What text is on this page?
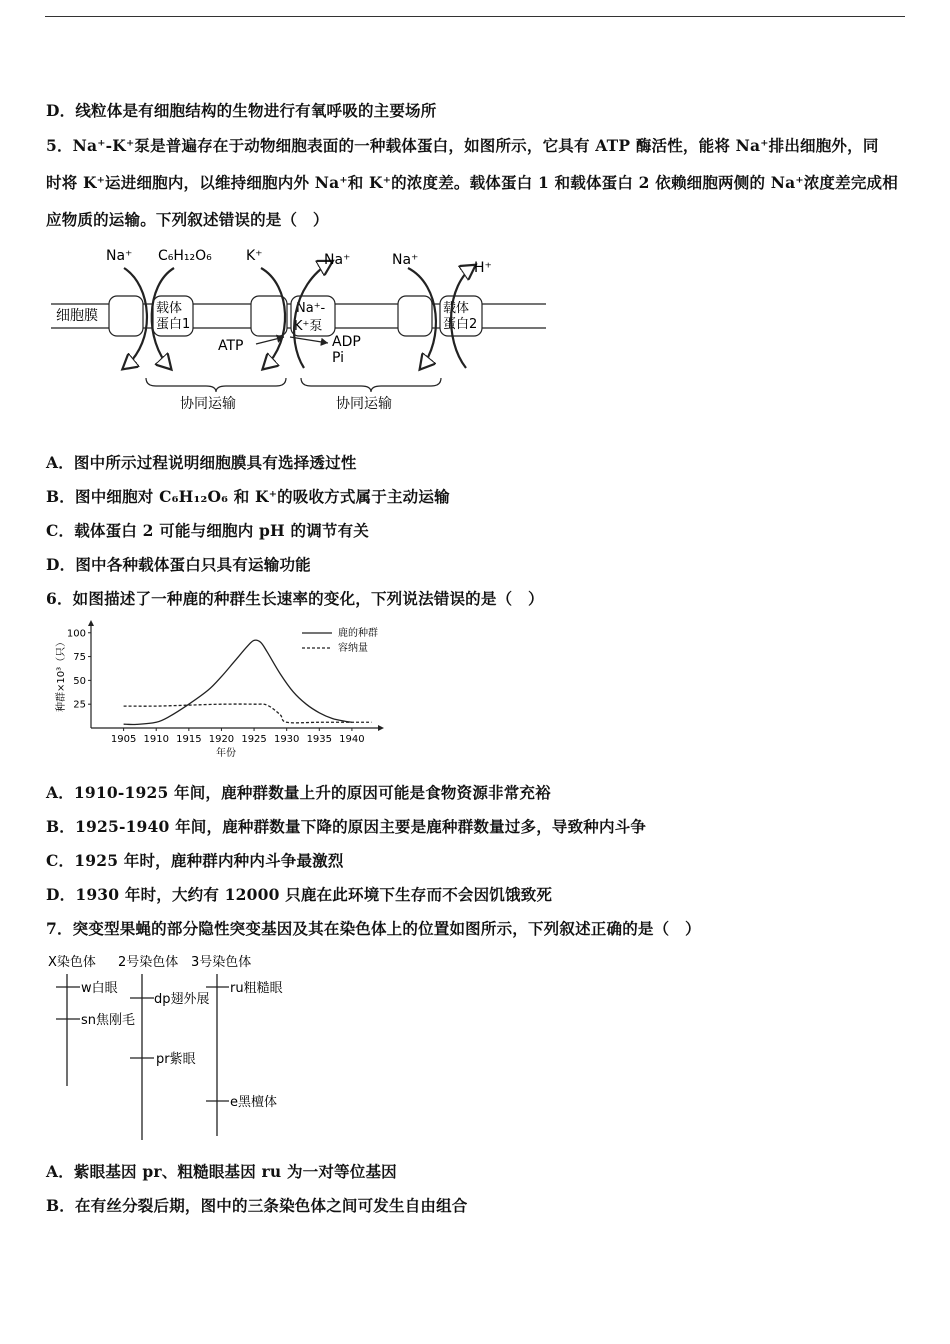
D．线粒体是有细胞结构的生物进行有氧呼吸的主要场所
5．Na⁺-K⁺泵是普遍存在于动物细胞表面的一种载体蛋白，如图所示，它具有 ATP 酶活性，能将 Na⁺排出细胞外，同
时将 K⁺运进细胞内，以维持细胞内外 Na⁺和 K⁺的浓度差。载体蛋白 1 和载体蛋白 2 依赖细胞两侧的 Na⁺浓度差完成相
应物质的运输。下列叙述错误的是（　）
细胞膜	载体
蛋白1
Na⁺-
K⁺泵
载体
蛋白2
Na⁺ C₆H₁₂O₆ K⁺	Na⁺	Na⁺	H⁺
ATP	ADP
Pi
协同运输	协同运输
A．图中所示过程说明细胞膜具有选择透过性
B．图中细胞对 C₆H₁₂O₆ 和 K⁺的吸收方式属于主动运输
C．载体蛋白 2 可能与细胞内 pH 的调节有关
D．图中各种载体蛋白只具有运输功能
6．如图描述了一种鹿的种群生长速率的变化，下列说法错误的是（　）
1905 1910 1915 1920 1925 1930 1935 1940
25
50
75
100	鹿的种群
容纳量
种群×10³（只）
年份
A．1910-1925 年间，鹿种群数量上升的原因可能是食物资源非常充裕
B．1925-1940 年间，鹿种群数量下降的原因主要是鹿种群数量过多，导致种内斗争
C．1925 年时，鹿种群内种内斗争最激烈
D．1930 年时，大约有 12000 只鹿在此环境下生存而不会因饥饿致死
7．突变型果蝇的部分隐性突变基因及其在染色体上的位置如图所示，下列叙述正确的是（　）
X染色体 2号染色体 3号染色体
w白眼
sn焦刚毛
dp翅外展
pr紫眼
ru粗糙眼
e黑檀体
A．紫眼基因 pr、粗糙眼基因 ru 为一对等位基因
B．在有丝分裂后期，图中的三条染色体之间可发生自由组合
